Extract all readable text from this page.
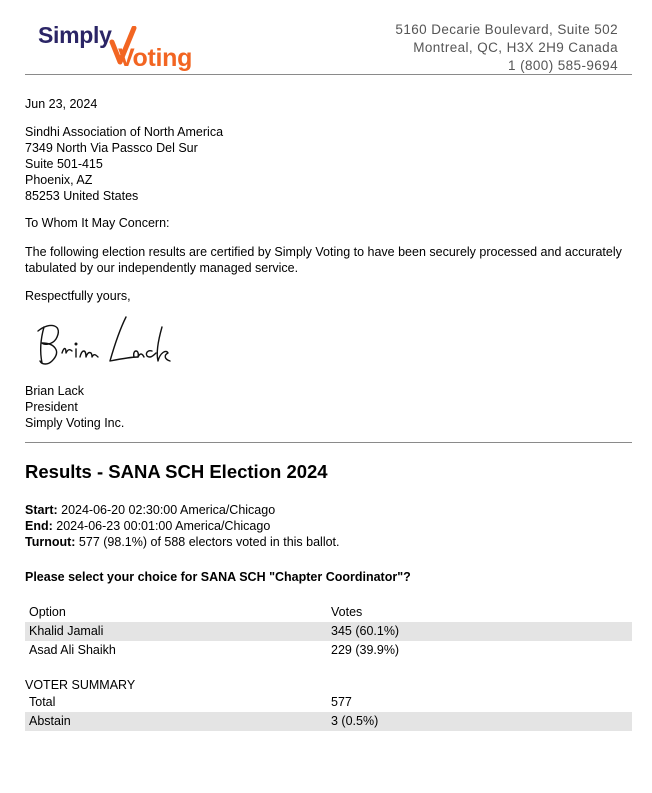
Simply
Voting
5160 Decarie Boulevard, Suite 502
Montreal, QC, H3X 2H9 Canada
1 (800) 585-9694
Jun 23, 2024
Sindhi Association of North America
7349 North Via Passco Del Sur
Suite 501-415
Phoenix, AZ
85253 United States
To Whom It May Concern:
The following election results are certified by Simply Voting to have been securely processed and accurately tabulated by our independently managed service.
Respectfully yours,
Brian Lack
President
Simply Voting Inc.
Results - SANA SCH Election 2024
Start: 2024-06-20 02:30:00 America/Chicago
End: 2024-06-23 00:01:00 America/Chicago
Turnout: 577 (98.1%) of 588 electors voted in this ballot.
Please select your choice for SANA SCH "Chapter Coordinator"?
Option	Votes
Khalid Jamali	345 (60.1%)
Asad Ali Shaikh	229 (39.9%)
VOTER SUMMARY
Total	577
Abstain	3 (0.5%)
